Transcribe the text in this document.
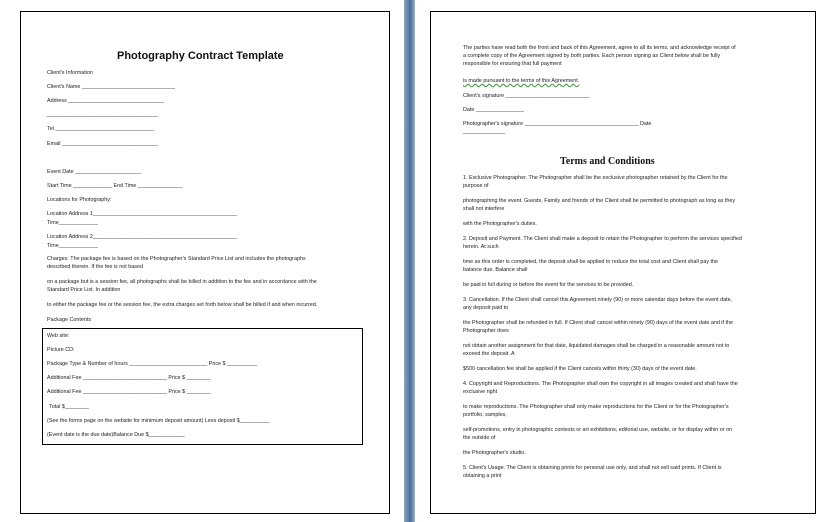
Photography Contract Template
Client's Information
Client's Name _______________________________
Address ________________________________
_____________________________________
Tel _________________________________
Email ________________________________
Event Date ______________________
Start Time _____________ End Time _______________
Locations for Photography:
Location Address 1________________________________________________
Time_____________
Location Address 2________________________________________________
Time_____________
Charges: The package fee is based on the Photographer's Standard Price List and includes the photographs
described therein. If the fee is not based
on a package but is a session fee, all photographs shall be billed in addition to the fee and in accordance with the
Standard Price List. In addition
to either the package fee or the session fee, the extra charges set forth below shall be billed if and when incurred.
Package Contents
Web site:
Picture CD:
Package Type & Number of hours __________________________ Price $ __________
Additional Fee ____________________________ Price $ ________
Additional Fee ____________________________ Price $ ________
Total $________
(See the forms page on the website for minimum deposit amount) Less deposit $__________
(Event date is the due date)Balance Due $____________
The parties have read both the front and back of this Agreement, agree to all its terms, and acknowledge receipt of
a complete copy of the Agreement signed by both parties. Each person signing as Client below shall be fully
responsible for ensuring that full payment
is made pursuant to the terms of this Agreement.
Client's signature ____________________________
Date ________________
Photographer's signature ______________________________________ Date
______________
Terms and Conditions
1. Exclusive Photographer. The Photographer shall be the exclusive photographer retained by the Client for the
purpose of
photographing the event. Guests, Family and friends of the Client shall be permitted to photograph as long as they
shall not interfere
with the Photographer's duties.
2. Deposit and Payment. The Client shall make a deposit to retain the Photographer to perform the services specified
herein. At such
time as this order is completed, the deposit shall be applied to reduce the total cost and Client shall pay the
balance due. Balance shall
be paid in full during or before the event for the services to be provided.
3. Cancellation. If the Client shall cancel this Agreement ninety (90) or more calendar days before the event date,
any deposit paid to
the Photographer shall be refunded in full. If Client shall cancel within ninety (90) days of the event date and if the
Photographer does
not obtain another assignment for that date, liquidated damages shall be charged in a reasonable amount not to
exceed the deposit. A
$500 cancellation fee shall be applied if the Client cancels within thirty (30) days of the event date.
4. Copyright and Reproductions. The Photographer shall own the copyright in all images created and shall have the
exclusive right
to make reproductions. The Photographer shall only make reproductions for the Client or for the Photographer's
portfolio, samples,
self-promotions, entry in photographic contests or art exhibitions, editorial use, website, or for display within or on
the outside of
the Photographer's studio.
5. Client's Usage. The Client is obtaining prints for personal use only, and shall not sell said prints. If Client is
obtaining a print
